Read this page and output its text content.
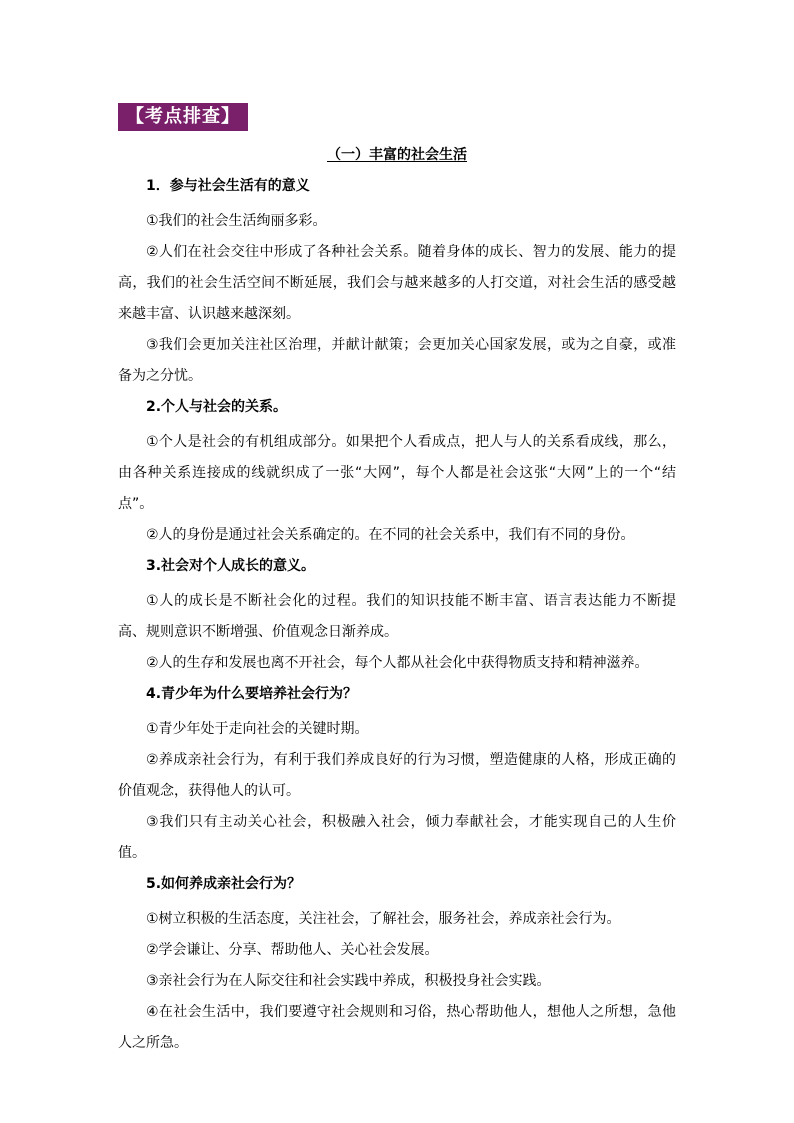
【考点排查】
（一）丰富的社会生活
1．参与社会生活有的意义
①我们的社会生活绚丽多彩。
②人们在社会交往中形成了各种社会关系。随着身体的成长、智力的发展、能力的提高，我们的社会生活空间不断延展，我们会与越来越多的人打交道，对社会生活的感受越来越丰富、认识越来越深刻。
③我们会更加关注社区治理，并献计献策；会更加关心国家发展，或为之自豪，或准备为之分忧。
2.个人与社会的关系。
①个人是社会的有机组成部分。如果把个人看成点，把人与人的关系看成线，那么，由各种关系连接成的线就织成了一张“大网”，每个人都是社会这张“大网”上的一个“结点”。
②人的身份是通过社会关系确定的。在不同的社会关系中，我们有不同的身份。
3.社会对个人成长的意义。
①人的成长是不断社会化的过程。我们的知识技能不断丰富、语言表达能力不断提高、规则意识不断增强、价值观念日渐养成。
②人的生存和发展也离不开社会，每个人都从社会化中获得物质支持和精神滋养。
4.青少年为什么要培养社会行为？
①青少年处于走向社会的关键时期。
②养成亲社会行为，有利于我们养成良好的行为习惯，塑造健康的人格，形成正确的价值观念，获得他人的认可。
③我们只有主动关心社会，积极融入社会，倾力奉献社会，才能实现自己的人生价值。
5.如何养成亲社会行为？
①树立积极的生活态度，关注社会，了解社会，服务社会，养成亲社会行为。
②学会谦让、分享、帮助他人、关心社会发展。
③亲社会行为在人际交往和社会实践中养成，积极投身社会实践。
④在社会生活中，我们要遵守社会规则和习俗，热心帮助他人，想他人之所想，急他人之所急。
